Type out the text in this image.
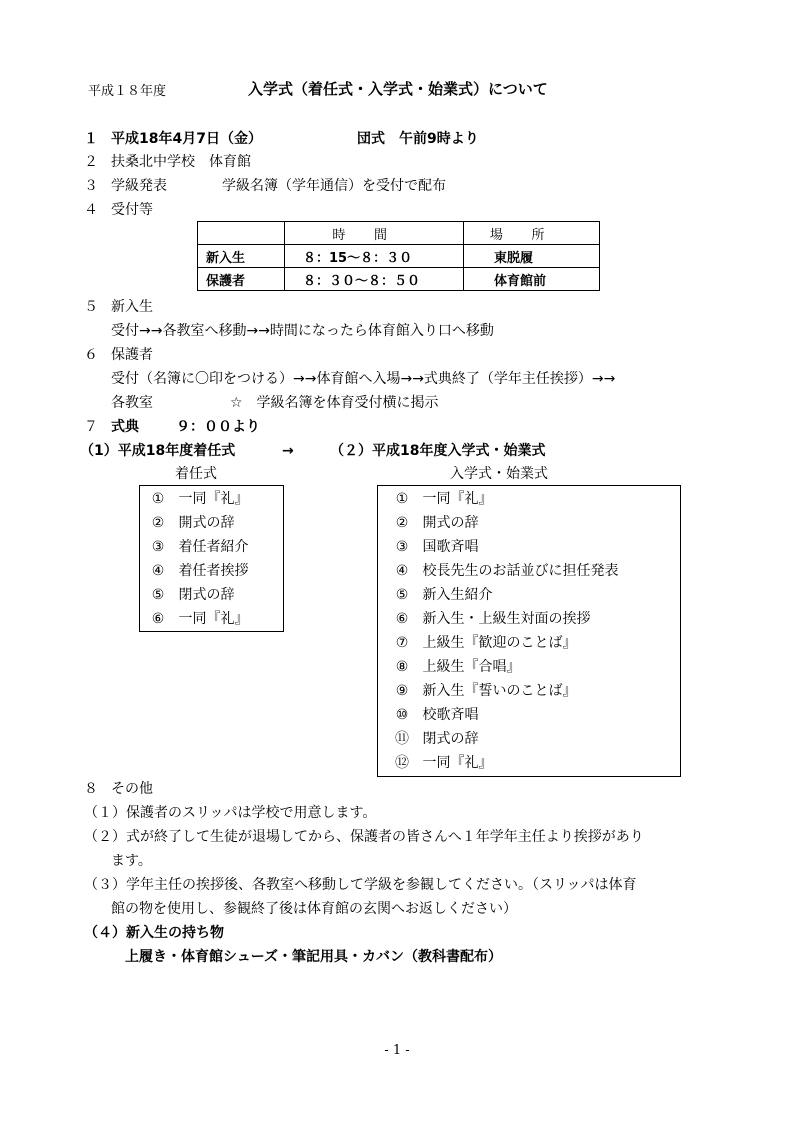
平成１８年度	入学式（着任式・入学式・始業式）について
１ 平成18年4月7日（金）	団式　午前9時より
２ 扶桑北中学校　体育館
３ 学級発表	学級名簿（学年通信）を受付で配布
４ 受付等
	時間	場所
新入生	８：15～８：３０	東脱履
保護者	８：３０～８：５０	体育館前
５ 新入生
受付→→各教室へ移動→→時間になったら体育館入り口へ移動
６ 保護者
受付（名簿に〇印をつける）→→体育館へ入場→→式典終了（学年主任挨拶）→→
各教室	☆　学級名簿を体育受付横に掲示
７ 式典	９：００より
（1）平成18年度着任式	→	（２）平成18年度入学式・始業式
着任式	入学式・始業式
① 一同『礼』
② 開式の辞
③ 着任者紹介
④ 着任者挨拶
⑤ 閉式の辞
⑥ 一同『礼』
① 一同『礼』
② 開式の辞
③ 国歌斉唱
④ 校長先生のお話並びに担任発表
⑤ 新入生紹介
⑥ 新入生・上級生対面の挨拶
⑦ 上級生『歓迎のことば』
⑧ 上級生『合唱』
⑨ 新入生『誓いのことば』
⑩ 校歌斉唱
⑪ 閉式の辞
⑫ 一同『礼』
８ その他
（１）保護者のスリッパは学校で用意します。
（２）式が終了して生徒が退場してから、保護者の皆さんへ１年学年主任より挨拶があり
ます。
（３）学年主任の挨拶後、各教室へ移動して学級を参観してください。（スリッパは体育
館の物を使用し、参観終了後は体育館の玄関へお返しください）
（４）新入生の持ち物
上履き・体育館シューズ・筆記用具・カバン（教科書配布）
- 1 -
